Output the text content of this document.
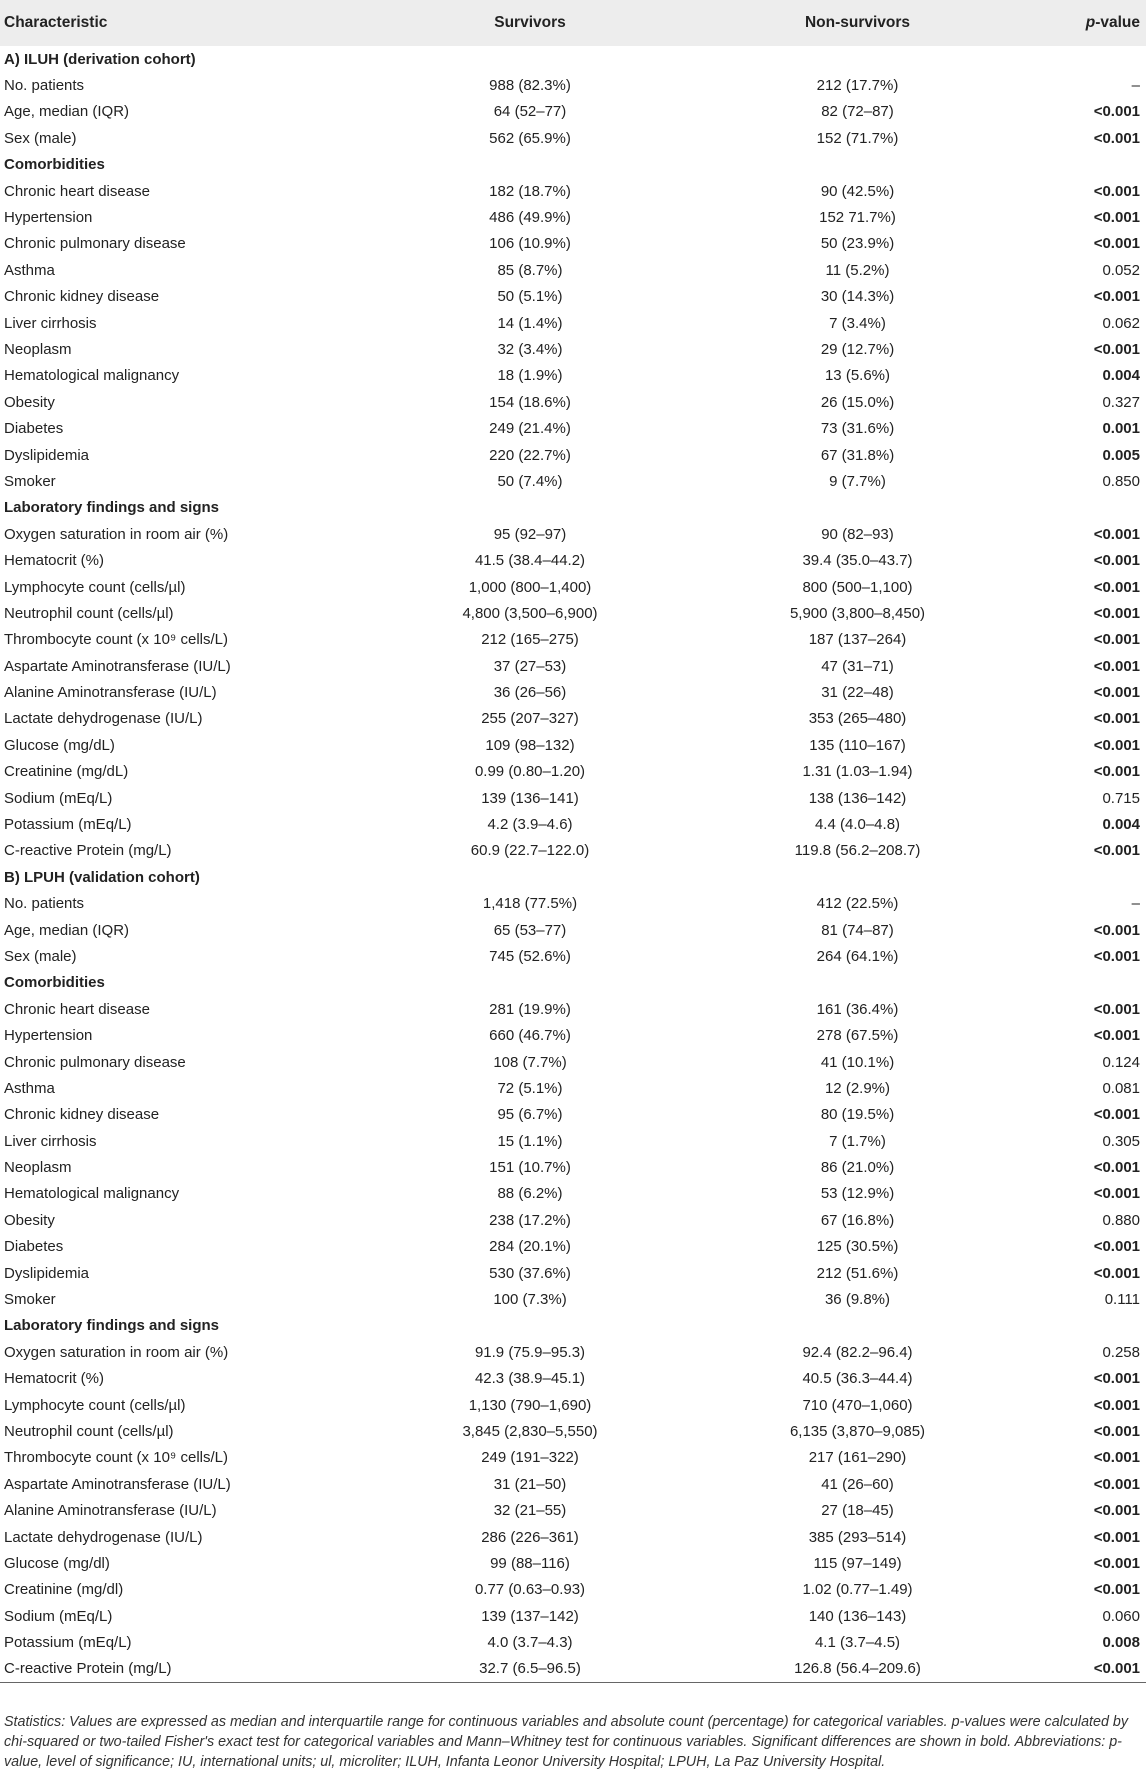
Characteristic	Survivors	Non-survivors	p-value
A) ILUH (derivation cohort)			
No. patients	988 (82.3%)	212 (17.7%)	–
Age, median (IQR)	64 (52–77)	82 (72–87)	<0.001
Sex (male)	562 (65.9%)	152 (71.7%)	<0.001
Comorbidities			
Chronic heart disease	182 (18.7%)	90 (42.5%)	<0.001
Hypertension	486 (49.9%)	152 71.7%)	<0.001
Chronic pulmonary disease	106 (10.9%)	50 (23.9%)	<0.001
Asthma	85 (8.7%)	11 (5.2%)	0.052
Chronic kidney disease	50 (5.1%)	30 (14.3%)	<0.001
Liver cirrhosis	14 (1.4%)	7 (3.4%)	0.062
Neoplasm	32 (3.4%)	29 (12.7%)	<0.001
Hematological malignancy	18 (1.9%)	13 (5.6%)	0.004
Obesity	154 (18.6%)	26 (15.0%)	0.327
Diabetes	249 (21.4%)	73 (31.6%)	0.001
Dyslipidemia	220 (22.7%)	67 (31.8%)	0.005
Smoker	50 (7.4%)	9 (7.7%)	0.850
Laboratory findings and signs			
Oxygen saturation in room air (%)	95 (92–97)	90 (82–93)	<0.001
Hematocrit (%)	41.5 (38.4–44.2)	39.4 (35.0–43.7)	<0.001
Lymphocyte count (cells/µl)	1,000 (800–1,400)	800 (500–1,100)	<0.001
Neutrophil count (cells/µl)	4,800 (3,500–6,900)	5,900 (3,800–8,450)	<0.001
Thrombocyte count (x 10⁹ cells/L)	212 (165–275)	187 (137–264)	<0.001
Aspartate Aminotransferase (IU/L)	37 (27–53)	47 (31–71)	<0.001
Alanine Aminotransferase (IU/L)	36 (26–56)	31 (22–48)	<0.001
Lactate dehydrogenase (IU/L)	255 (207–327)	353 (265–480)	<0.001
Glucose (mg/dL)	109 (98–132)	135 (110–167)	<0.001
Creatinine (mg/dL)	0.99 (0.80–1.20)	1.31 (1.03–1.94)	<0.001
Sodium (mEq/L)	139 (136–141)	138 (136–142)	0.715
Potassium (mEq/L)	4.2 (3.9–4.6)	4.4 (4.0–4.8)	0.004
C-reactive Protein (mg/L)	60.9 (22.7–122.0)	119.8 (56.2–208.7)	<0.001
B) LPUH (validation cohort)			
No. patients	1,418 (77.5%)	412 (22.5%)	–
Age, median (IQR)	65 (53–77)	81 (74–87)	<0.001
Sex (male)	745 (52.6%)	264 (64.1%)	<0.001
Comorbidities			
Chronic heart disease	281 (19.9%)	161 (36.4%)	<0.001
Hypertension	660 (46.7%)	278 (67.5%)	<0.001
Chronic pulmonary disease	108 (7.7%)	41 (10.1%)	0.124
Asthma	72 (5.1%)	12 (2.9%)	0.081
Chronic kidney disease	95 (6.7%)	80 (19.5%)	<0.001
Liver cirrhosis	15 (1.1%)	7 (1.7%)	0.305
Neoplasm	151 (10.7%)	86 (21.0%)	<0.001
Hematological malignancy	88 (6.2%)	53 (12.9%)	<0.001
Obesity	238 (17.2%)	67 (16.8%)	0.880
Diabetes	284 (20.1%)	125 (30.5%)	<0.001
Dyslipidemia	530 (37.6%)	212 (51.6%)	<0.001
Smoker	100 (7.3%)	36 (9.8%)	0.111
Laboratory findings and signs			
Oxygen saturation in room air (%)	91.9 (75.9–95.3)	92.4 (82.2–96.4)	0.258
Hematocrit (%)	42.3 (38.9–45.1)	40.5 (36.3–44.4)	<0.001
Lymphocyte count (cells/µl)	1,130 (790–1,690)	710 (470–1,060)	<0.001
Neutrophil count (cells/µl)	3,845 (2,830–5,550)	6,135 (3,870–9,085)	<0.001
Thrombocyte count (x 10⁹ cells/L)	249 (191–322)	217 (161–290)	<0.001
Aspartate Aminotransferase (IU/L)	31 (21–50)	41 (26–60)	<0.001
Alanine Aminotransferase (IU/L)	32 (21–55)	27 (18–45)	<0.001
Lactate dehydrogenase (IU/L)	286 (226–361)	385 (293–514)	<0.001
Glucose (mg/dl)	99 (88–116)	115 (97–149)	<0.001
Creatinine (mg/dl)	0.77 (0.63–0.93)	1.02 (0.77–1.49)	<0.001
Sodium (mEq/L)	139 (137–142)	140 (136–143)	0.060
Potassium (mEq/L)	4.0 (3.7–4.3)	4.1 (3.7–4.5)	0.008
C-reactive Protein (mg/L)	32.7 (6.5–96.5)	126.8 (56.4–209.6)	<0.001
Statistics: Values are expressed as median and interquartile range for continuous variables and absolute count (percentage) for categorical variables. p-values were calculated by chi-squared or two-tailed Fisher's exact test for categorical variables and Mann–Whitney test for continuous variables. Significant differences are shown in bold. Abbreviations: p-value, level of significance; IU, international units; ul, microliter; ILUH, Infanta Leonor University Hospital; LPUH, La Paz University Hospital.
